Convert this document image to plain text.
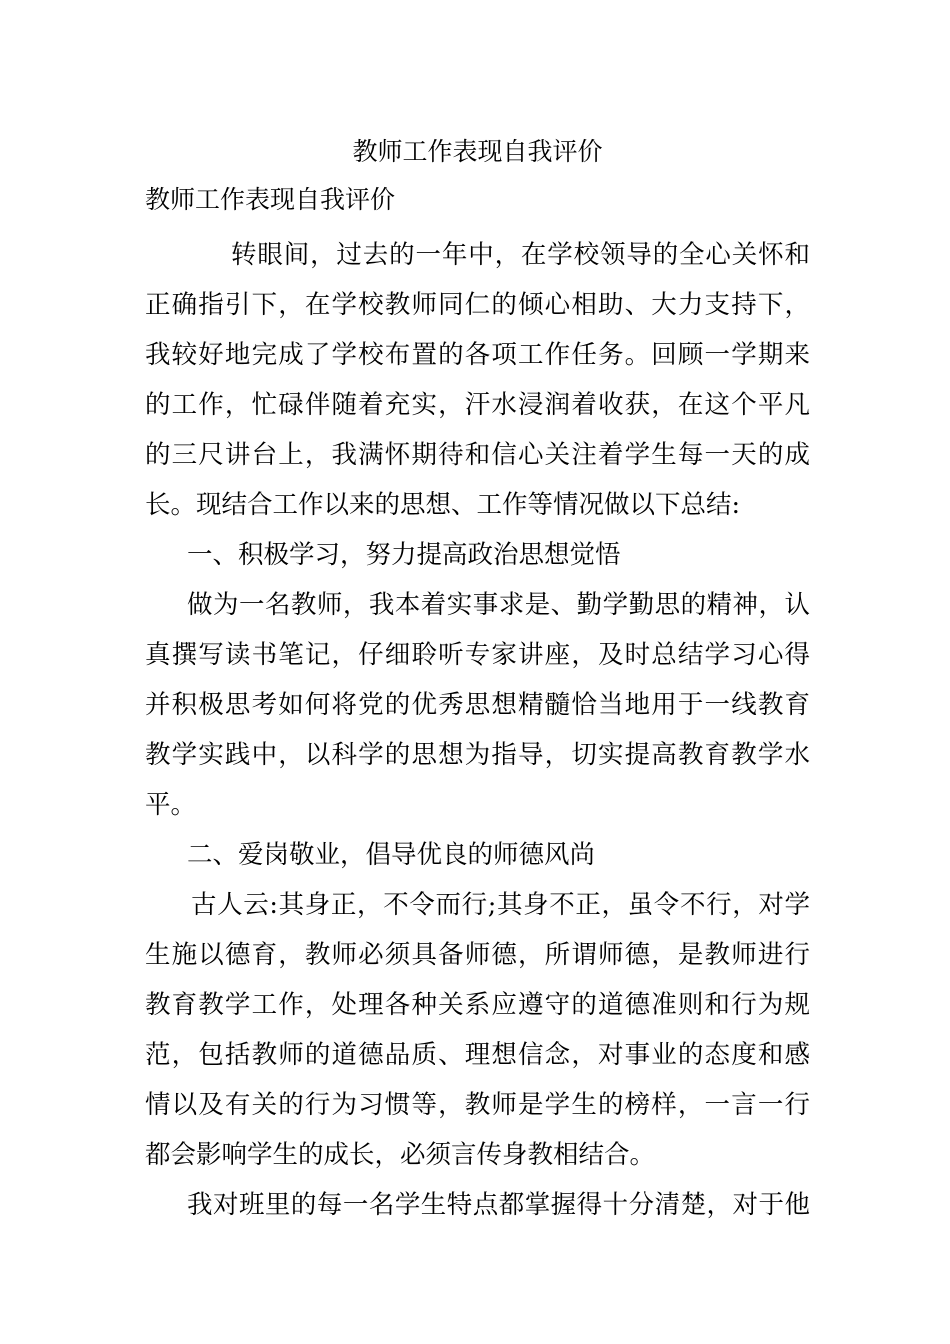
教师工作表现自我评价
教师工作表现自我评价
转眼间，过去的一年中，在学校领导的全心关怀和
正确指引下，在学校教师同仁的倾心相助、大力支持下，
我较好地完成了学校布置的各项工作任务。回顾一学期来
的工作，忙碌伴随着充实，汗水浸润着收获，在这个平凡
的三尺讲台上，我满怀期待和信心关注着学生每一天的成
长。现结合工作以来的思想、工作等情况做以下总结:
一、积极学习，努力提高政治思想觉悟
做为一名教师，我本着实事求是、勤学勤思的精神，认
真撰写读书笔记，仔细聆听专家讲座，及时总结学习心得
并积极思考如何将党的优秀思想精髓恰当地用于一线教育
教学实践中，以科学的思想为指导，切实提高教育教学水
平。
二、爱岗敬业，倡导优良的师德风尚
古人云:其身正，不令而行;其身不正，虽令不行，对学
生施以德育，教师必须具备师德，所谓师德，是教师进行
教育教学工作，处理各种关系应遵守的道德准则和行为规
范，包括教师的道德品质、理想信念，对事业的态度和感
情以及有关的行为习惯等，教师是学生的榜样，一言一行
都会影响学生的成长，必须言传身教相结合。
我对班里的每一名学生特点都掌握得十分清楚，对于他
